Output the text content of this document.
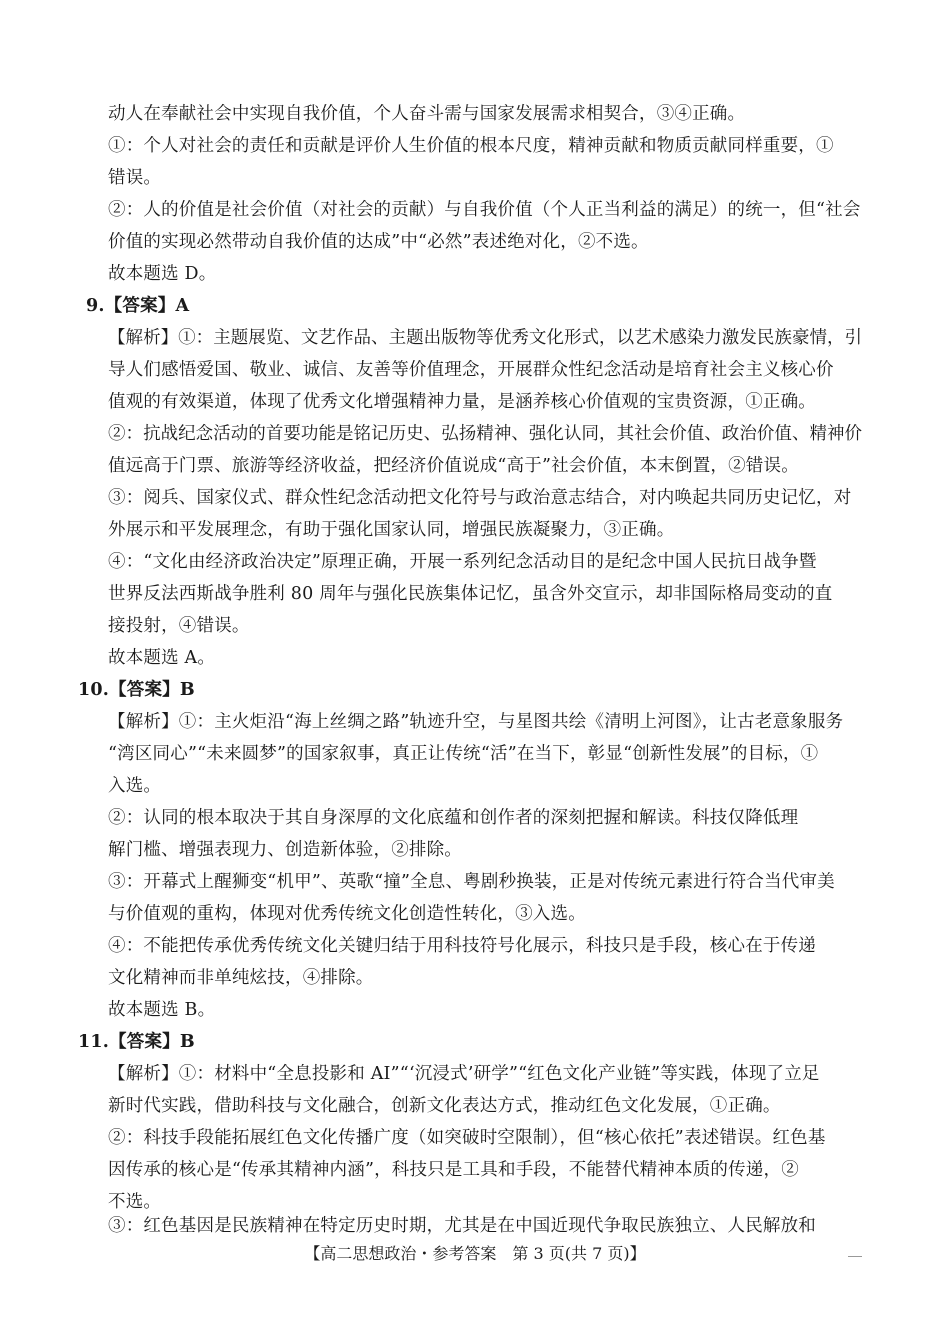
动人在奉献社会中实现自我价值，个人奋斗需与国家发展需求相契合，③④正确。
①：个人对社会的责任和贡献是评价人生价值的根本尺度，精神贡献和物质贡献同样重要，①
错误。
②：人的价值是社会价值（对社会的贡献）与自我价值（个人正当利益的满足）的统一，但“社会
价值的实现必然带动自我价值的达成”中“必然”表述绝对化，②不选。
故本题选 D。
9.【答案】A
【解析】①：主题展览、文艺作品、主题出版物等优秀文化形式，以艺术感染力激发民族豪情，引
导人们感悟爱国、敬业、诚信、友善等价值理念，开展群众性纪念活动是培育社会主义核心价
值观的有效渠道，体现了优秀文化增强精神力量，是涵养核心价值观的宝贵资源，①正确。
②：抗战纪念活动的首要功能是铭记历史、弘扬精神、强化认同，其社会价值、政治价值、精神价
值远高于门票、旅游等经济收益，把经济价值说成“高于”社会价值，本末倒置，②错误。
③：阅兵、国家仪式、群众性纪念活动把文化符号与政治意志结合，对内唤起共同历史记忆，对
外展示和平发展理念，有助于强化国家认同，增强民族凝聚力，③正确。
④：“文化由经济政治决定”原理正确，开展一系列纪念活动目的是纪念中国人民抗日战争暨
世界反法西斯战争胜利 80 周年与强化民族集体记忆，虽含外交宣示，却非国际格局变动的直
接投射，④错误。
故本题选 A。
10.【答案】B
【解析】①：主火炬沿“海上丝绸之路”轨迹升空，与星图共绘《清明上河图》，让古老意象服务
“湾区同心”“未来圆梦”的国家叙事，真正让传统“活”在当下，彰显“创新性发展”的目标，①
入选。
②：认同的根本取决于其自身深厚的文化底蕴和创作者的深刻把握和解读。科技仅降低理
解门槛、增强表现力、创造新体验，②排除。
③：开幕式上醒狮变“机甲”、英歌“撞”全息、粤剧秒换装，正是对传统元素进行符合当代审美
与价值观的重构，体现对优秀传统文化创造性转化，③入选。
④：不能把传承优秀传统文化关键归结于用科技符号化展示，科技只是手段，核心在于传递
文化精神而非单纯炫技，④排除。
故本题选 B。
11.【答案】B
【解析】①：材料中“全息投影和 AI”“‘沉浸式’研学”“红色文化产业链”等实践，体现了立足
新时代实践，借助科技与文化融合，创新文化表达方式，推动红色文化发展，①正确。
②：科技手段能拓展红色文化传播广度（如突破时空限制），但“核心依托”表述错误。红色基
因传承的核心是“传承其精神内涵”，科技只是工具和手段，不能替代精神本质的传递，②
不选。
③：红色基因是民族精神在特定历史时期，尤其是在中国近现代争取民族独立、人民解放和
【高二思想政治・参考答案　第 3 页(共 7 页)】
